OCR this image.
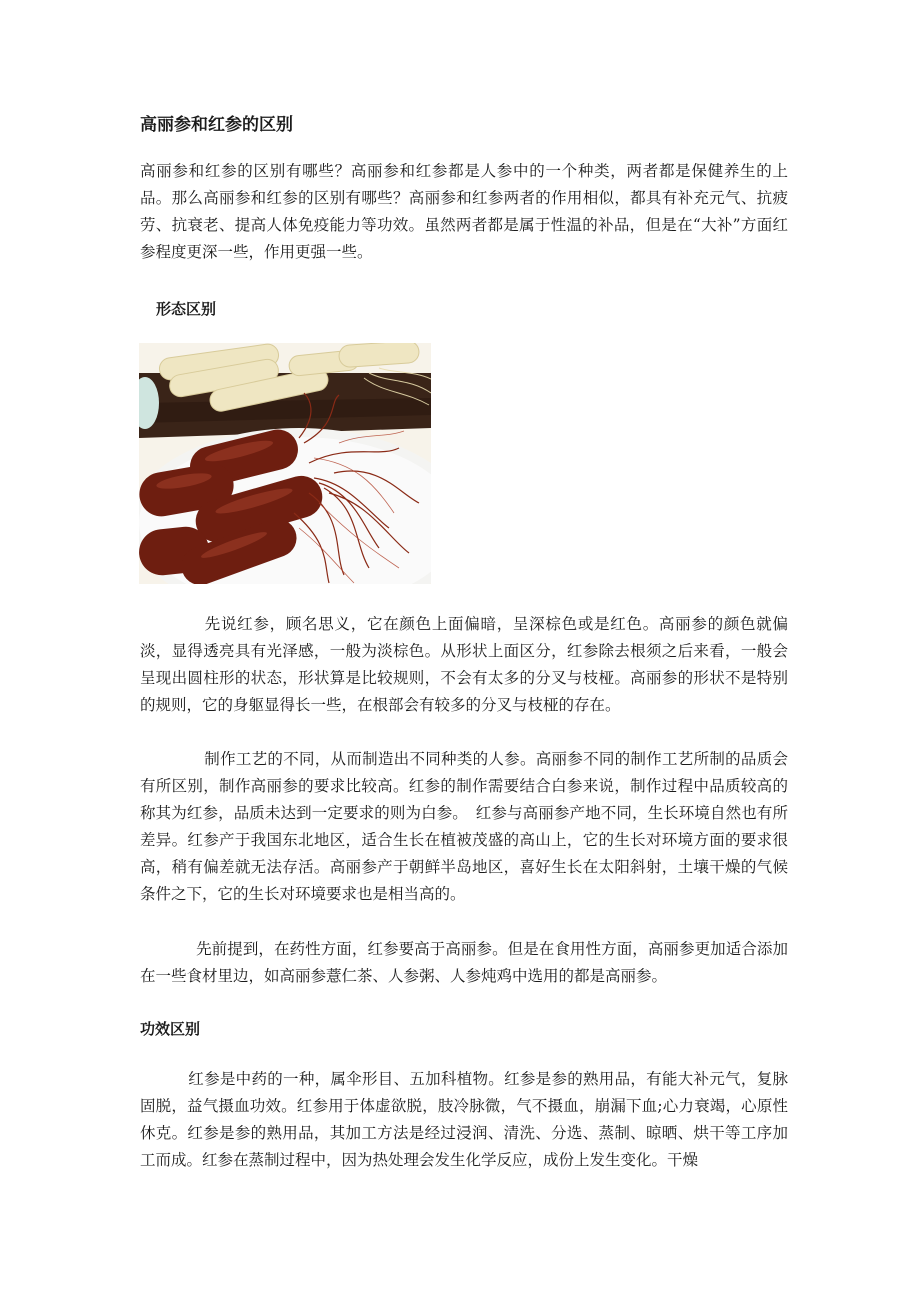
高丽参和红参的区别

高丽参和红参的区别有哪些？高丽参和红参都是人参中的一个种类，两者都是保健养生的上品。那么高丽参和红参的区别有哪些？高丽参和红参两者的作用相似，都具有补充元气、抗疲劳、抗衰老、提高人体免疫能力等功效。虽然两者都是属于性温的补品，但是在“大补”方面红参程度更深一些，作用更强一些。

形态区别

先说红参，顾名思义，它在颜色上面偏暗，呈深棕色或是红色。高丽参的颜色就偏淡，显得透亮具有光泽感，一般为淡棕色。从形状上面区分，红参除去根须之后来看，一般会呈现出圆柱形的状态，形状算是比较规则，不会有太多的分叉与枝桠。高丽参的形状不是特别的规则，它的身躯显得长一些，在根部会有较多的分叉与枝桠的存在。

制作工艺的不同，从而制造出不同种类的人参。高丽参不同的制作工艺所制的品质会有所区别，制作高丽参的要求比较高。红参的制作需要结合白参来说，制作过程中品质较高的称其为红参，品质未达到一定要求的则为白参。　红参与高丽参产地不同，生长环境自然也有所差异。红参产于我国东北地区，适合生长在植被茂盛的高山上，它的生长对环境方面的要求很高，稍有偏差就无法存活。高丽参产于朝鲜半岛地区，喜好生长在太阳斜射，土壤干燥的气候条件之下，它的生长对环境要求也是相当高的。

先前提到，在药性方面，红参要高于高丽参。但是在食用性方面，高丽参更加适合添加在一些食材里边，如高丽参薏仁茶、人参粥、人参炖鸡中选用的都是高丽参。

功效区别

红参是中药的一种，属伞形目、五加科植物。红参是参的熟用品，有能大补元气，复脉固脱，益气摄血功效。红参用于体虚欲脱，肢冷脉微，气不摄血，崩漏下血;心力衰竭，心原性休克。红参是参的熟用品，其加工方法是经过浸润、清洗、分选、蒸制、晾晒、烘干等工序加工而成。红参在蒸制过程中，因为热处理会发生化学反应，成份上发生变化。干燥
